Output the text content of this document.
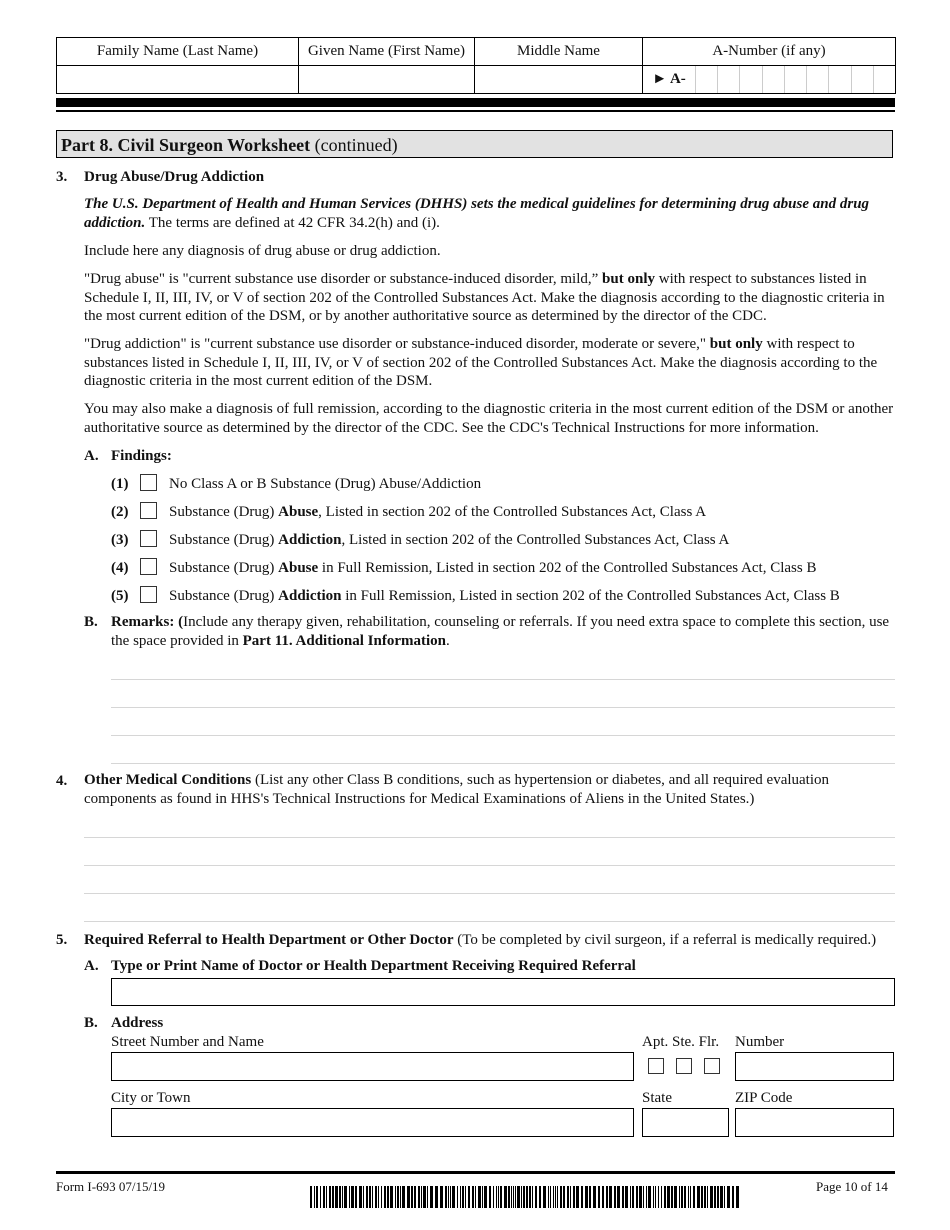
Family Name (Last Name)	Given Name (First Name)	Middle Name	A-Number (if any)

► A-
Part 8. Civil Surgeon Worksheet (continued)
3. Drug Abuse/Drug Addiction
The U.S. Department of Health and Human Services (DHHS) sets the medical guidelines for determining drug abuse and drug addiction. The terms are defined at 42 CFR 34.2(h) and (i).
Include here any diagnosis of drug abuse or drug addiction.
"Drug abuse" is "current substance use disorder or substance-induced disorder, mild,” but only with respect to substances listed in Schedule I, II, III, IV, or V of section 202 of the Controlled Substances Act. Make the diagnosis according to the diagnostic criteria in the most current edition of the DSM, or by another authoritative source as determined by the director of the CDC.
"Drug addiction" is "current substance use disorder or substance-induced disorder, moderate or severe," but only with respect to substances listed in Schedule I, II, III, IV, or V of section 202 of the Controlled Substances Act. Make the diagnosis according to the diagnostic criteria in the most current edition of the DSM.
You may also make a diagnosis of full remission, according to the diagnostic criteria in the most current edition of the DSM or another authoritative source as determined by the director of the CDC. See the CDC's Technical Instructions for more information.
A. Findings:
(1)	No Class A or B Substance (Drug) Abuse/Addiction
(2)	Substance (Drug) Abuse, Listed in section 202 of the Controlled Substances Act, Class A
(3)	Substance (Drug) Addiction, Listed in section 202 of the Controlled Substances Act, Class A
(4)	Substance (Drug) Abuse in Full Remission, Listed in section 202 of the Controlled Substances Act, Class B
(5)	Substance (Drug) Addiction in Full Remission, Listed in section 202 of the Controlled Substances Act, Class B
B. Remarks: (Include any therapy given, rehabilitation, counseling or referrals. If you need extra space to complete this section, use the space provided in Part 11. Additional Information.
4. Other Medical Conditions (List any other Class B conditions, such as hypertension or diabetes, and all required evaluation components as found in HHS's Technical Instructions for Medical Examinations of Aliens in the United States.)
5. Required Referral to Health Department or Other Doctor (To be completed by civil surgeon, if a referral is medically required.)
A. Type or Print Name of Doctor or Health Department Receiving Required Referral
B. Address
Street Number and Name	Apt. Ste. Flr. Number
City or Town	State	ZIP Code
Form I-693 07/15/19	Page 10 of 14
